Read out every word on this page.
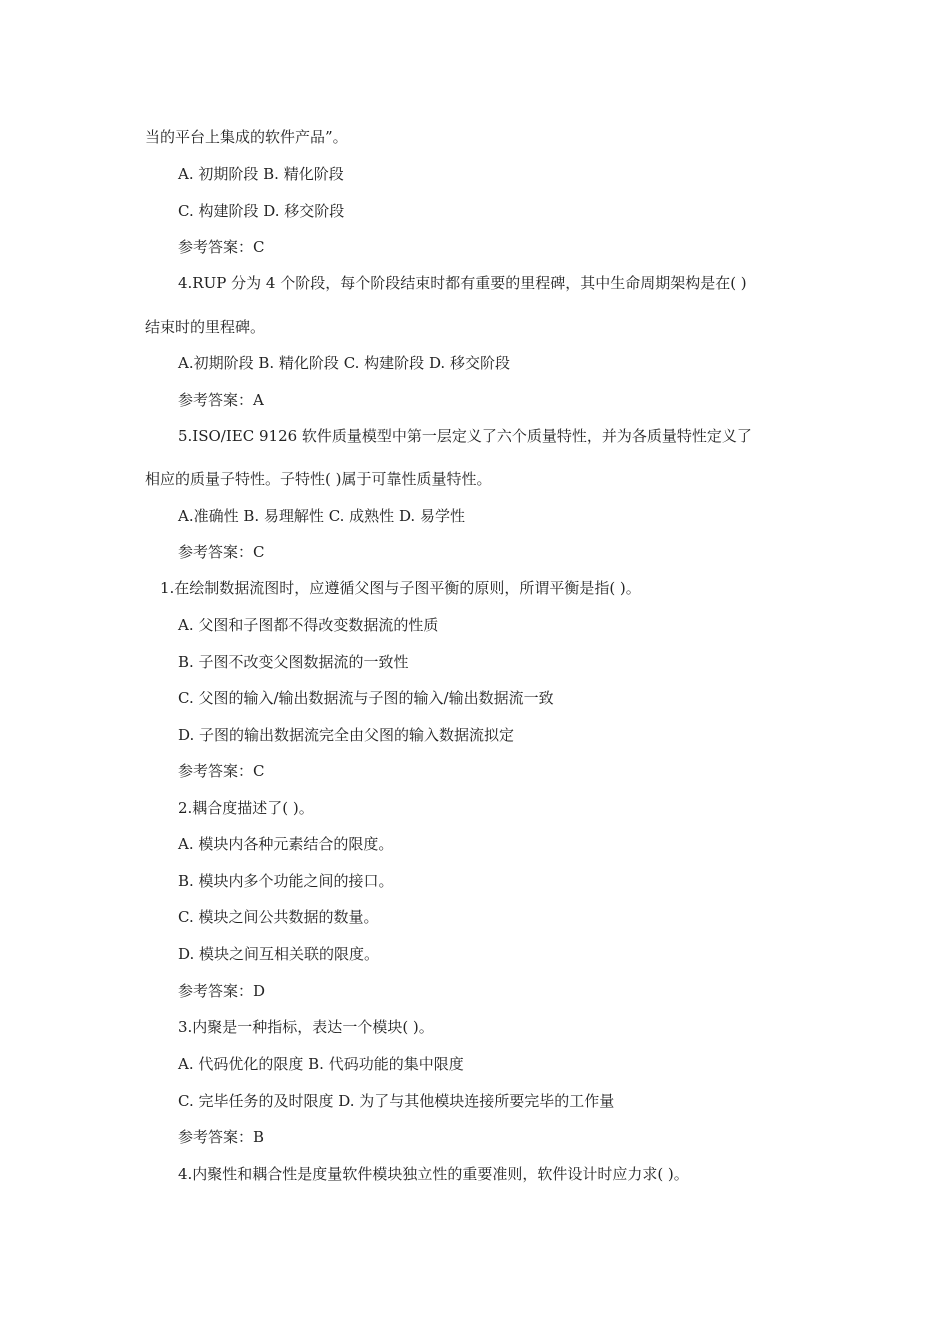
当的平台上集成的软件产品”。
A. 初期阶段 B. 精化阶段
C. 构建阶段 D. 移交阶段
参考答案：C
4.RUP 分为 4 个阶段，每个阶段结束时都有重要的里程碑，其中生命周期架构是在( )
结束时的里程碑。
A.初期阶段 B. 精化阶段 C. 构建阶段 D. 移交阶段
参考答案：A
5.ISO/IEC 9126 软件质量模型中第一层定义了六个质量特性，并为各质量特性定义了
相应的质量子特性。子特性( )属于可靠性质量特性。
A.准确性 B. 易理解性 C. 成熟性 D. 易学性
参考答案：C
1.在绘制数据流图时，应遵循父图与子图平衡的原则，所谓平衡是指( )。
A. 父图和子图都不得改变数据流的性质
B. 子图不改变父图数据流的一致性
C. 父图的输入/输出数据流与子图的输入/输出数据流一致
D. 子图的输出数据流完全由父图的输入数据流拟定
参考答案：C
2.耦合度描述了( )。
A. 模块内各种元素结合的限度。
B. 模块内多个功能之间的接口。
C. 模块之间公共数据的数量。
D. 模块之间互相关联的限度。
参考答案：D
3.内聚是一种指标，表达一个模块( )。
A. 代码优化的限度 B. 代码功能的集中限度
C. 完毕任务的及时限度 D. 为了与其他模块连接所要完毕的工作量
参考答案：B
4.内聚性和耦合性是度量软件模块独立性的重要准则，软件设计时应力求( )。
